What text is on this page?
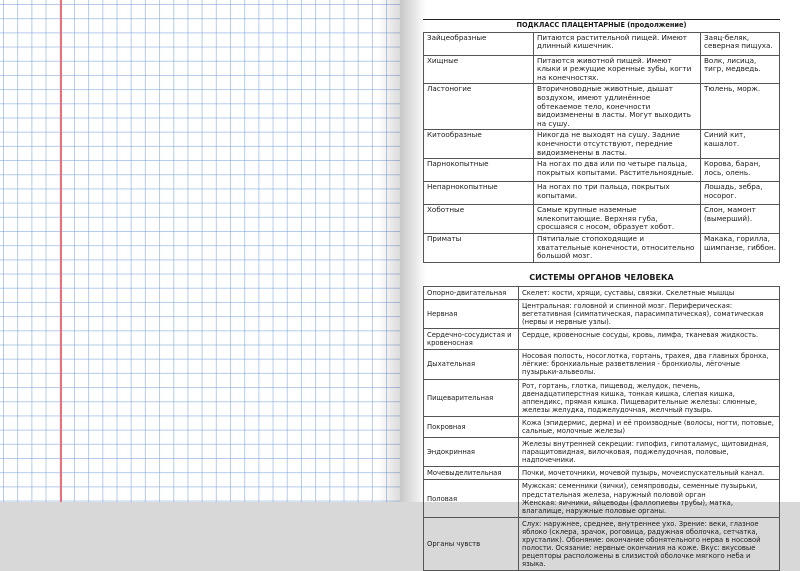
ПОДКЛАСС ПЛАЦЕНТАРНЫЕ (продолжение)
Зайцеобразные	Питаются растительной пищей. Имеют длинный кишечник.	Заяц-беляк, северная пищуха.
Хищные	Питаются животной пищей. Имеют клыки и режущие коренные зубы, когти на конечностях.	Волк, лисица, тигр, медведь.
Ластоногие	Вторичноводные животные, дышат воздухом, имеют удлинённое обтекаемое тело, конечности видоизменены в ласты. Могут выходить на сушу.	Тюлень, морж.
Китообразные	Никогда не выходят на сушу. Задние конечности отсутствуют, передние видоизменены в ласты.	Синий кит, кашалот.
Парнокопытные	На ногах по два или по четыре пальца, покрытых копытами. Растительноядные.	Корова, баран, лось, олень.
Непарнокопытные	На ногах по три пальца, покрытых копытами.	Лошадь, зебра, носорог.
Хоботные	Самые крупные наземные млекопитающие. Верхняя губа, сросшаяся с носом, образует хобот.	Слон, мамонт (вымерший).
Приматы	Пятипалые стопоходящие и хватательные конечности, относительно большой мозг.	Макака, горилла, шимпанзе, гиббон.
СИСТЕМЫ ОРГАНОВ ЧЕЛОВЕКА
Опорно-двигательная	Скелет: кости, хрящи, суставы, связки. Скелетные мышцы
Нервная	Центральная: головной и спинной мозг. Периферическая: вегетативная (симпатическая, парасимпатическая), соматическая (нервы и нервные узлы).
Сердечно-сосудистая и кровеносная	Сердце, кровеносные сосуды, кровь, лимфа, тканевая жидкость.
Дыхательная	Носовая полость, носоглотка, гортань, трахея, два главных бронха, лёгкие: бронхиальные разветвления - бронхиолы, лёгочные пузырьки-альвеолы.
Пищеварительная	Рот, гортань, глотка, пищевод, желудок, печень, двенадцатиперстная кишка, тонкая кишка, слепая кишка, аппендикс, прямая кишка. Пищеварительные железы: слюнные, железы желудка, поджелудочная, желчный пузырь.
Покровная	Кожа (эпидермис, дерма) и её производные (волосы, ногти, потовые, сальные, молочные железы)
Эндокринная	Железы внутренней секреции: гипофиз, гипоталамус, щитовидная, паращитовидная, вилочковая, поджелудочная, половые, надпочечники.
Мочевыделительная	Почки, мочеточники, мочевой пузырь, мочеиспускательный канал.
Половая	Мужская: семенники (яички), семяпроводы, семенные пузырьки, предстательная железа, наружный половой орган
Женская: яичники, яйцеводы (фаллопиевы трубы), матка, влагалище, наружные половые органы.
Органы чувств	Слух: наружнее, среднее, внутреннее ухо. Зрение: веки, глазное яблоко (склера, зрачок, роговица, радужная оболочка, сетчатка, хрусталик). Обоняние: окончание обонятельного нерва в носовой полости. Осязание: нервные окончания на коже. Вкус: вкусовые рецепторы расположены в слизистой оболочке мягкого неба и языка.
